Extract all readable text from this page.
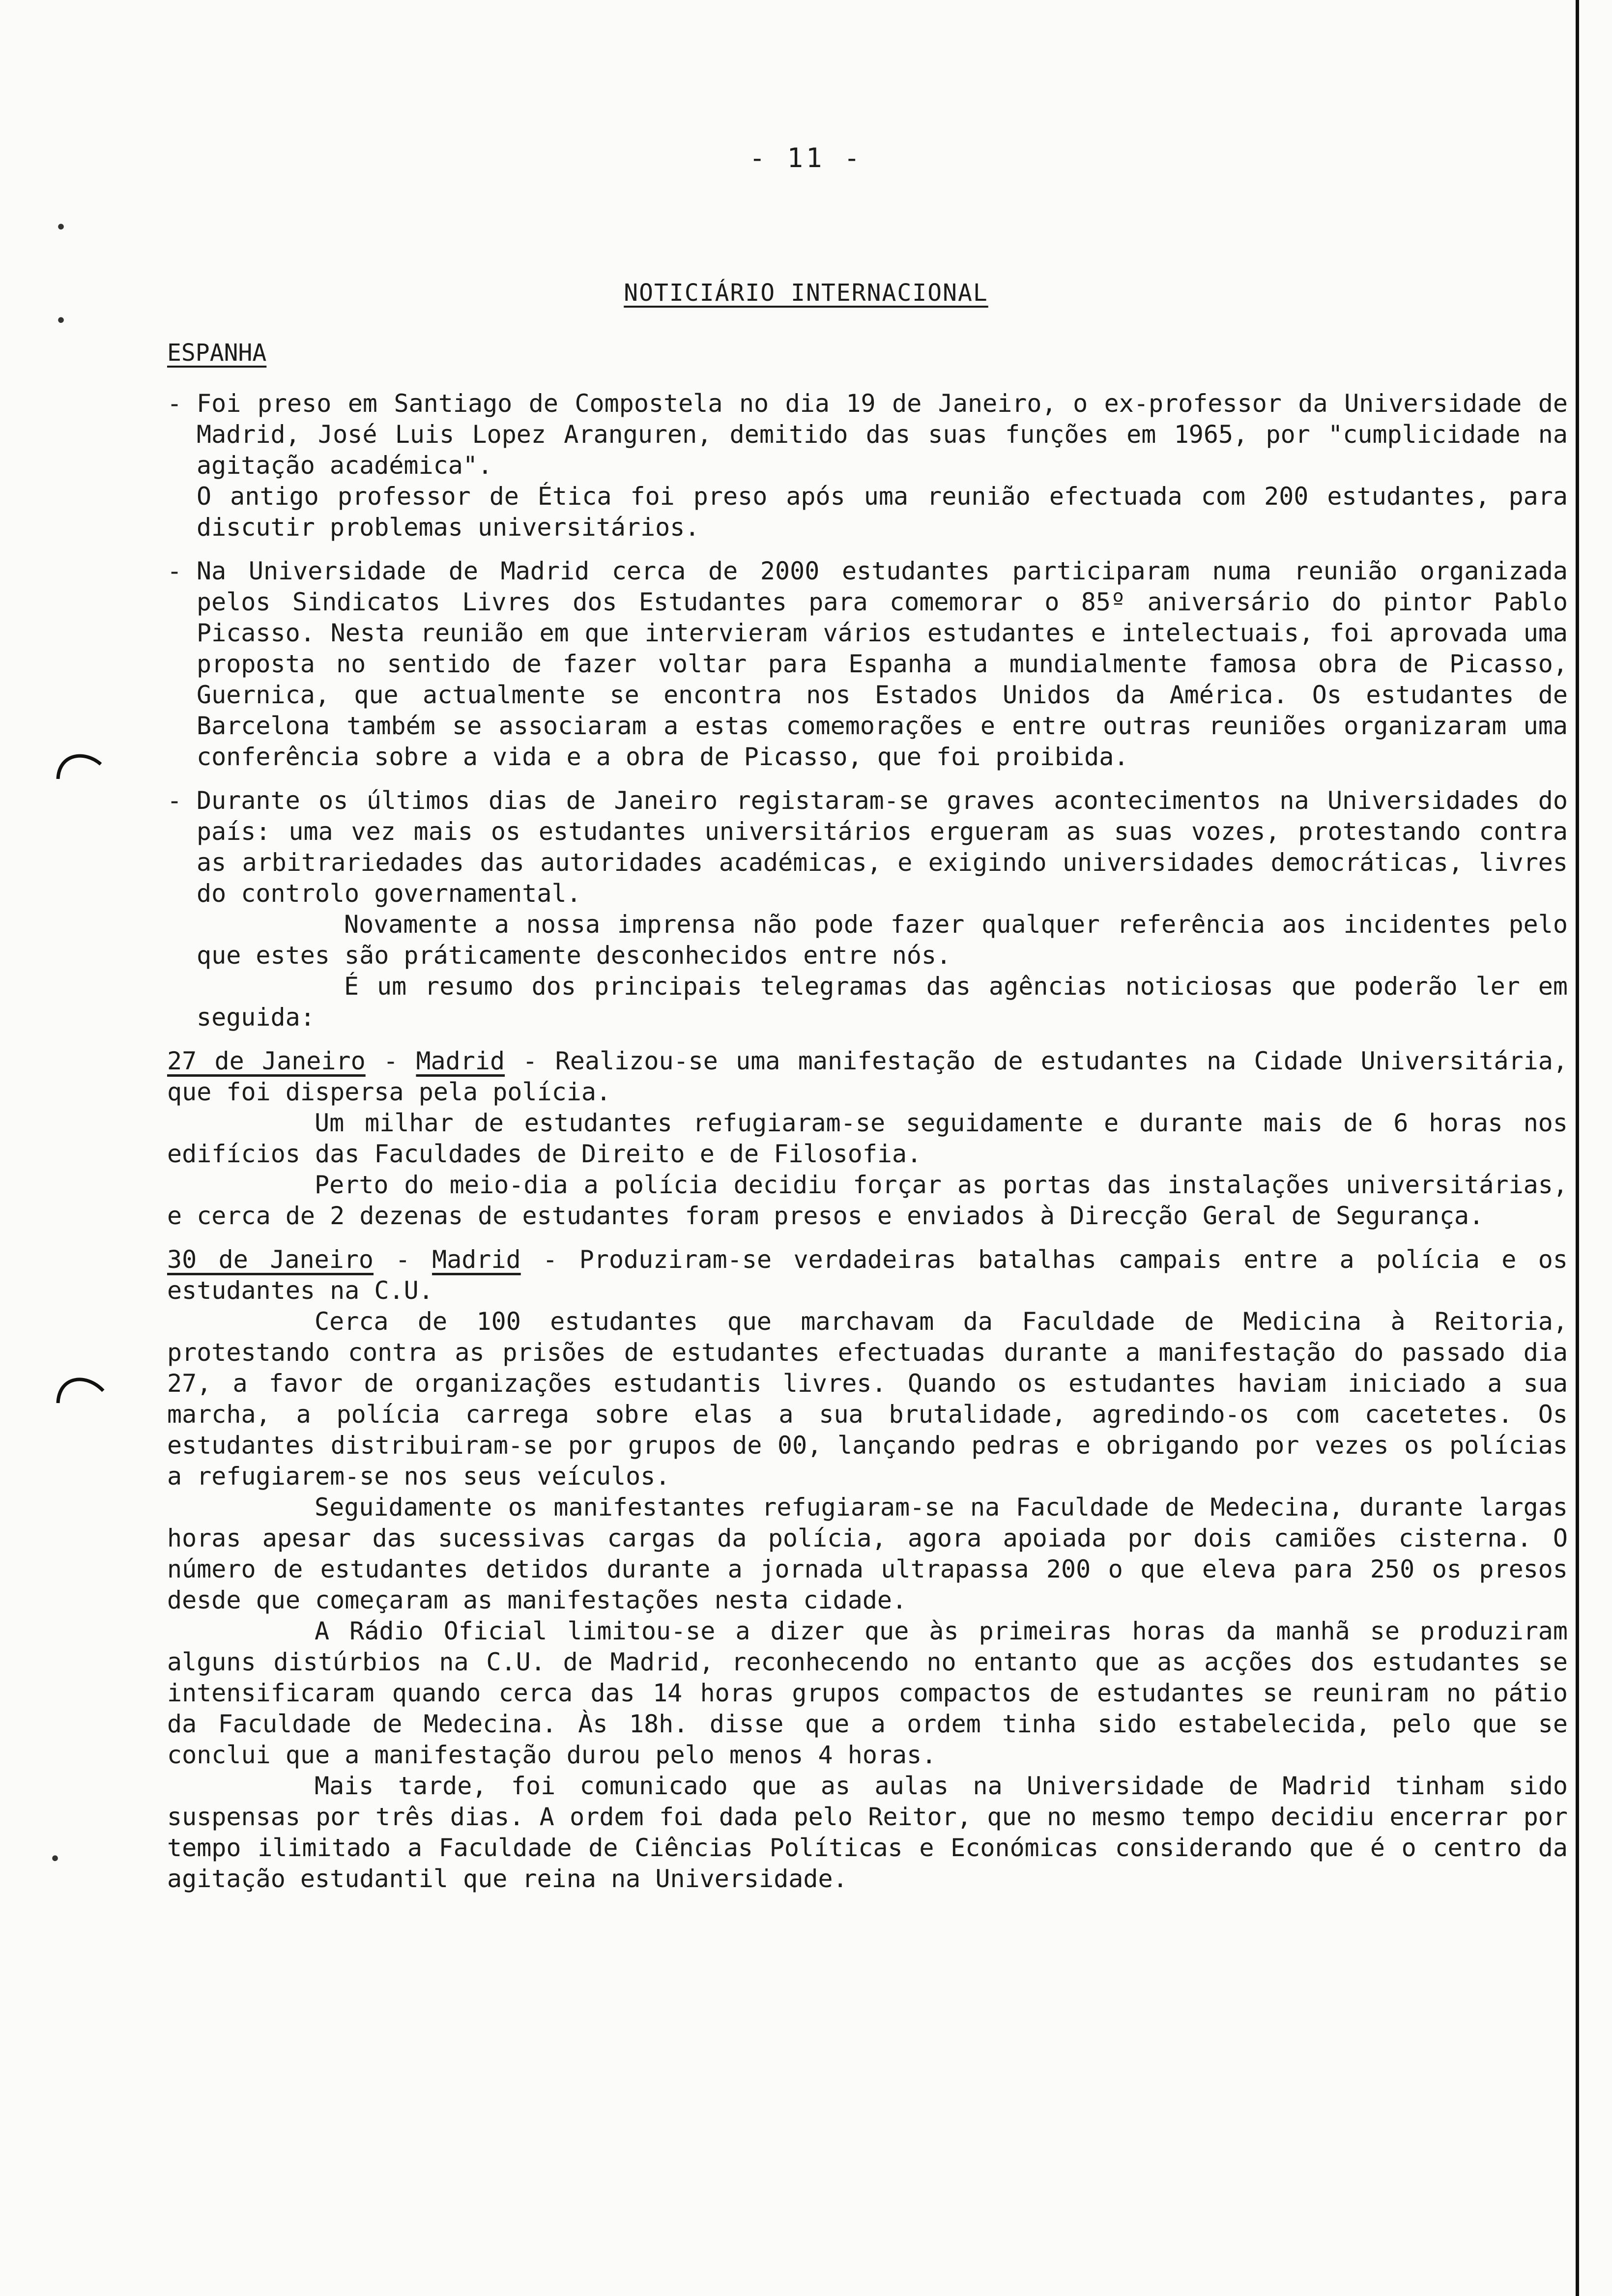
•
•
•
- 11 -
NOTICIÁRIO INTERNACIONAL
ESPANHA
- Foi preso em Santiago de Compostela no dia 19 de Janeiro, o ex-professor da Universidade de Madrid, José Luis Lopez Aranguren, demitido das suas funções em 1965, por "cumplicidade na agitação académica".

O antigo professor de Ética foi preso após uma reunião efectuada com 200 estudantes, para discutir problemas universitários.

- Na Universidade de Madrid cerca de 2000 estudantes participaram numa reunião organizada pelos Sindicatos Livres dos Estudantes para comemorar o 85º aniversário do pintor Pablo Picasso. Nesta reunião em que intervieram vários estudantes e intelectuais, foi aprovada uma proposta no sentido de fazer voltar para Espanha a mundialmente famosa obra de Picasso, Guernica, que actualmente se encontra nos Estados Unidos da América. Os estudantes de Barcelona também se associaram a estas comemorações e entre outras reuniões organizaram uma conferência sobre a vida e a obra de Picasso, que foi proibida.

- Durante os últimos dias de Janeiro registaram-se graves acontecimentos na Universidades do país: uma vez mais os estudantes universitários ergueram as suas vozes, protestando contra as arbitrariedades das autoridades académicas, e exigindo universidades democráticas, livres do controlo governamental.

Novamente a nossa imprensa não pode fazer qualquer referência aos incidentes pelo que estes são práticamente desconhecidos entre nós.

É um resumo dos principais telegramas das agências noticiosas que poderão ler em seguida:

27 de Janeiro - Madrid - Realizou-se uma manifestação de estudantes na Cidade Universitária, que foi dispersa pela polícia.

Um milhar de estudantes refugiaram-se seguidamente e durante mais de 6 horas nos edifícios das Faculdades de Direito e de Filosofia.

Perto do meio-dia a polícia decidiu forçar as portas das instalações universitárias, e cerca de 2 dezenas de estudantes foram presos e enviados à Direcção Geral de Segurança.

30 de Janeiro - Madrid - Produziram-se verdadeiras batalhas campais entre a polícia e os estudantes na C.U.

Cerca de 100 estudantes que marchavam da Faculdade de Medicina à Reitoria, protestando contra as prisões de estudantes efectuadas durante a manifestação do passado dia 27, a favor de organizações estudantis livres. Quando os estudantes haviam iniciado a sua marcha, a polícia carrega sobre elas a sua brutalidade, agredindo-os com cacetetes. Os estudantes distribuiram-se por grupos de 00, lançando pedras e obrigando por vezes os polícias a refugiarem-se nos seus veículos.

Seguidamente os manifestantes refugiaram-se na Faculdade de Medecina, durante largas horas apesar das sucessivas cargas da polícia, agora apoiada por dois camiões cisterna. O número de estudantes detidos durante a jornada ultrapassa 200 o que eleva para 250 os presos desde que começaram as manifestações nesta cidade.

A Rádio Oficial limitou-se a dizer que às primeiras horas da manhã se produziram alguns distúrbios na C.U. de Madrid, reconhecendo no entanto que as acções dos estudantes se intensificaram quando cerca das 14 horas grupos compactos de estudantes se reuniram no pátio da Faculdade de Medecina. Às 18h. disse que a ordem tinha sido estabelecida, pelo que se conclui que a manifestação durou pelo menos 4 horas.

Mais tarde, foi comunicado que as aulas na Universidade de Madrid tinham sido suspensas por três dias. A ordem foi dada pelo Reitor, que no mesmo tempo decidiu encerrar por tempo ilimitado a Faculdade de Ciências Políticas e Económicas considerando que é o centro da agitação estudantil que reina na Universidade.
